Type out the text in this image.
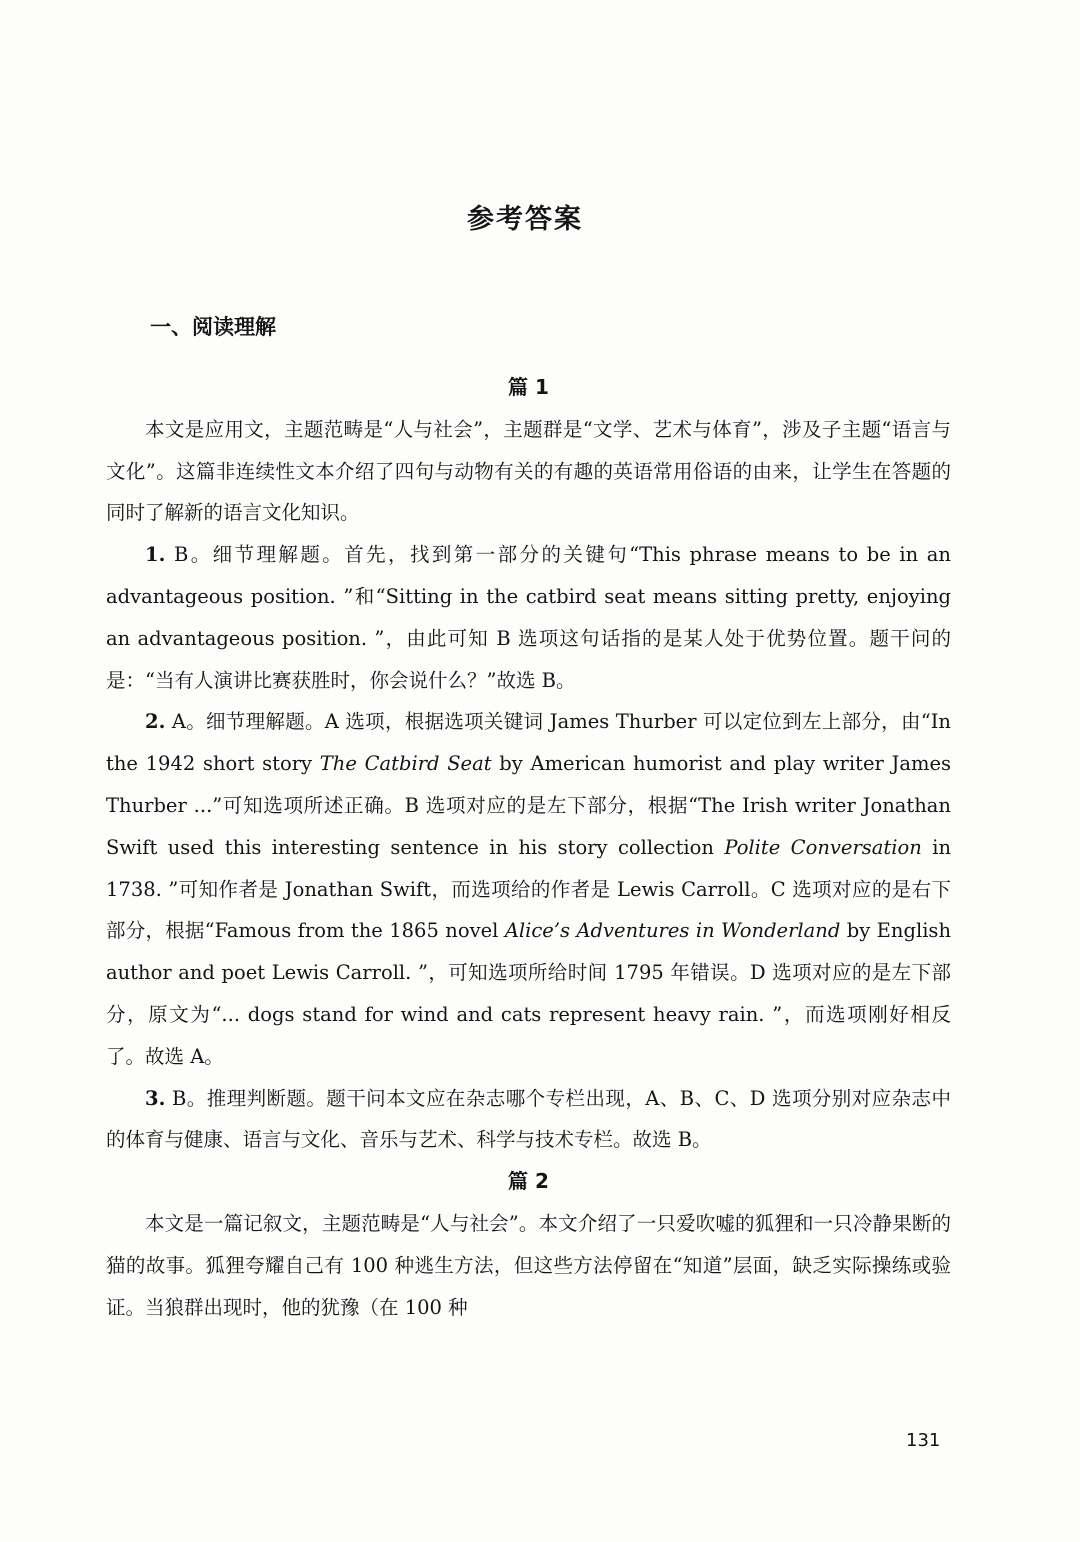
参考答案
一、阅读理解
篇 1

本文是应用文，主题范畴是“人与社会”，主题群是“文学、艺术与体育”，涉及子主题“语言与文化”。这篇非连续性文本介绍了四句与动物有关的有趣的英语常用俗语的由来，让学生在答题的同时了解新的语言文化知识。

1. B。细节理解题。首先，找到第一部分的关键句“This phrase means to be in an advantageous position. ”和“Sitting in the catbird seat means sitting pretty, enjoying an advantageous position. ”，由此可知 B 选项这句话指的是某人处于优势位置。题干问的是：“当有人演讲比赛获胜时，你会说什么？”故选 B。

2. A。细节理解题。A 选项，根据选项关键词 James Thurber 可以定位到左上部分，由“In the 1942 short story The Catbird Seat by American humorist and play writer James Thurber ...”可知选项所述正确。B 选项对应的是左下部分，根据“The Irish writer Jonathan Swift used this interesting sentence in his story collection Polite Conversation in 1738. ”可知作者是 Jonathan Swift，而选项给的作者是 Lewis Carroll。C 选项对应的是右下部分，根据“Famous from the 1865 novel Alice’s Adventures in Wonderland by English author and poet Lewis Carroll. ”，可知选项所给时间 1795 年错误。D 选项对应的是左下部分，原文为“... dogs stand for wind and cats represent heavy rain. ”，而选项刚好相反了。故选 A。

3. B。推理判断题。题干问本文应在杂志哪个专栏出现，A、B、C、D 选项分别对应杂志中的体育与健康、语言与文化、音乐与艺术、科学与技术专栏。故选 B。

篇 2

本文是一篇记叙文，主题范畴是“人与社会”。本文介绍了一只爱吹嘘的狐狸和一只冷静果断的猫的故事。狐狸夸耀自己有 100 种逃生方法，但这些方法停留在“知道”层面，缺乏实际操练或验证。当狼群出现时，他的犹豫（在 100 种

131
